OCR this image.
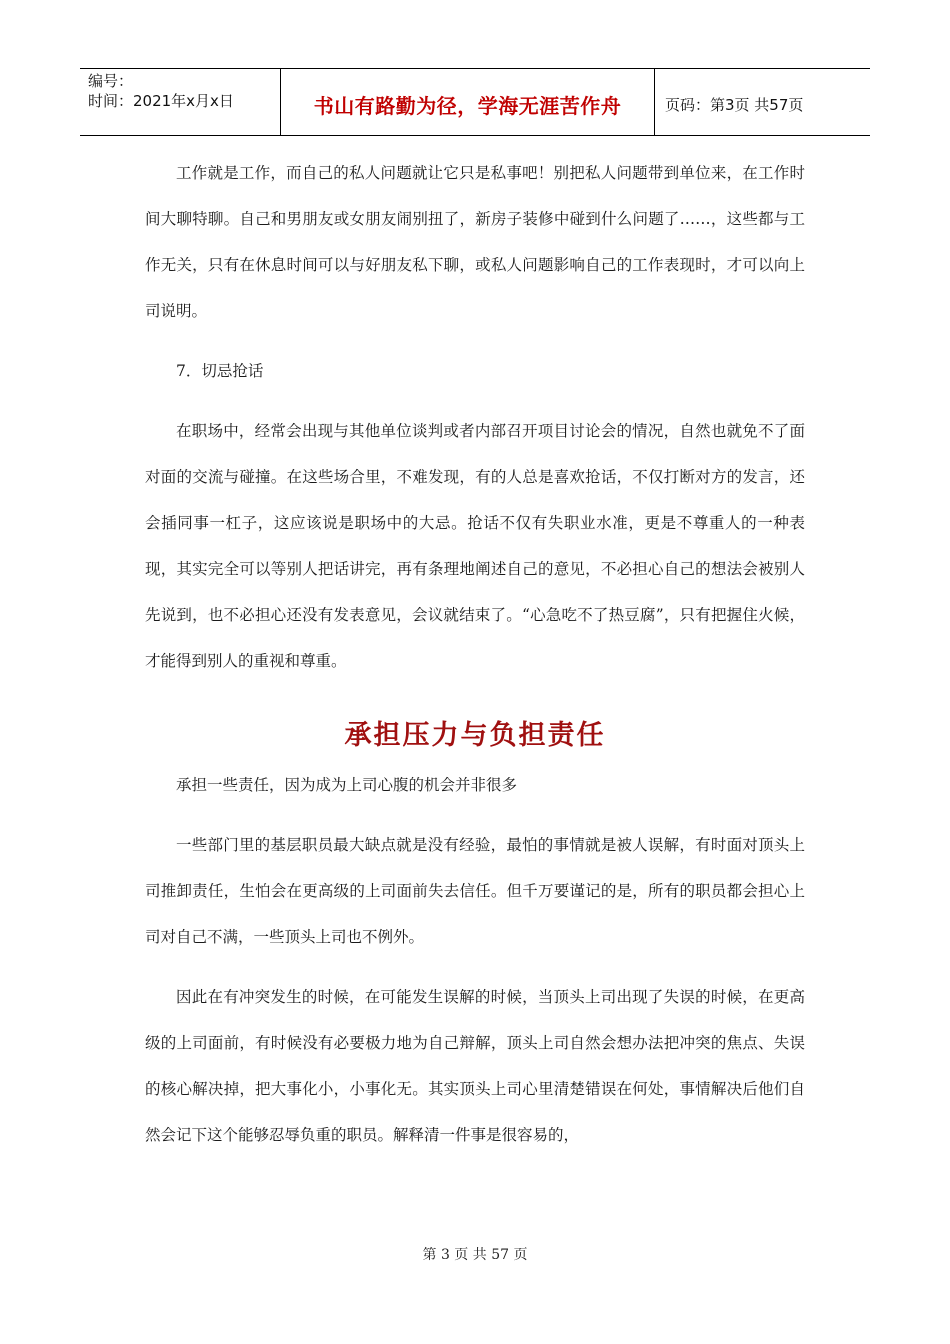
编号：
时间：2021年x月x日	书山有路勤为径，学海无涯苦作舟	页码：第3页 共57页

工作就是工作，而自己的私人问题就让它只是私事吧！别把私人问题带到单位来，在工作时间大聊特聊。自己和男朋友或女朋友闹别扭了，新房子装修中碰到什么问题了……，这些都与工作无关，只有在休息时间可以与好朋友私下聊，或私人问题影响自己的工作表现时，才可以向上司说明。

7．切忌抢话

在职场中，经常会出现与其他单位谈判或者内部召开项目讨论会的情况，自然也就免不了面对面的交流与碰撞。在这些场合里，不难发现，有的人总是喜欢抢话，不仅打断对方的发言，还会插同事一杠子，这应该说是职场中的大忌。抢话不仅有失职业水准，更是不尊重人的一种表现，其实完全可以等别人把话讲完，再有条理地阐述自己的意见，不必担心自己的想法会被别人先说到，也不必担心还没有发表意见，会议就结束了。“心急吃不了热豆腐”，只有把握住火候，才能得到别人的重视和尊重。

承担压力与负担责任

承担一些责任，因为成为上司心腹的机会并非很多

一些部门里的基层职员最大缺点就是没有经验，最怕的事情就是被人误解，有时面对顶头上司推卸责任，生怕会在更高级的上司面前失去信任。但千万要谨记的是，所有的职员都会担心上司对自己不满，一些顶头上司也不例外。

因此在有冲突发生的时候，在可能发生误解的时候，当顶头上司出现了失误的时候，在更高级的上司面前，有时候没有必要极力地为自己辩解，顶头上司自然会想办法把冲突的焦点、失误的核心解决掉，把大事化小，小事化无。其实顶头上司心里清楚错误在何处，事情解决后他们自然会记下这个能够忍辱负重的职员。解释清一件事是很容易的，

第 3 页 共 57 页
